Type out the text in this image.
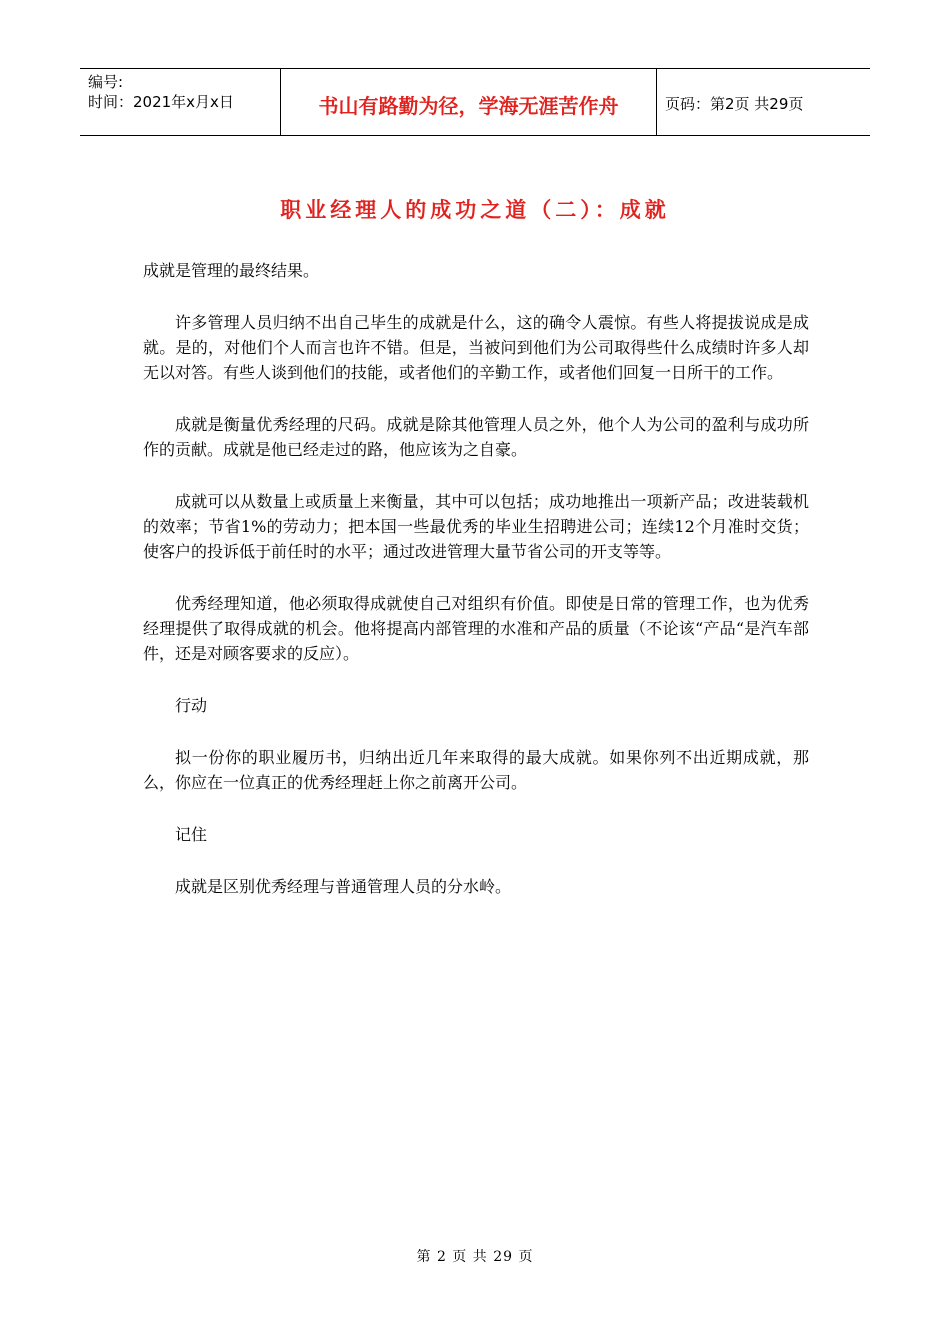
编号:
时间：2021年x月x日	书山有路勤为径，学海无涯苦作舟	页码：第2页 共29页
职业经理人的成功之道（二）：成就

成就是管理的最终结果。

许多管理人员归纳不出自己毕生的成就是什么，这的确令人震惊。有些人将提拔说成是成就。是的，对他们个人而言也许不错。但是，当被问到他们为公司取得些什么成绩时许多人却无以对答。有些人谈到他们的技能，或者他们的辛勤工作，或者他们回复一日所干的工作。

成就是衡量优秀经理的尺码。成就是除其他管理人员之外，他个人为公司的盈利与成功所作的贡献。成就是他已经走过的路，他应该为之自豪。

成就可以从数量上或质量上来衡量，其中可以包括；成功地推出一项新产品；改进装载机的效率；节省1%的劳动力；把本国一些最优秀的毕业生招聘进公司；连续12个月准时交货；使客户的投诉低于前任时的水平；通过改进管理大量节省公司的开支等等。

优秀经理知道，他必须取得成就使自己对组织有价值。即使是日常的管理工作，也为优秀经理提供了取得成就的机会。他将提高内部管理的水准和产品的质量（不论该“产品“是汽车部件，还是对顾客要求的反应）。

行动

拟一份你的职业履历书，归纳出近几年来取得的最大成就。如果你列不出近期成就，那么，你应在一位真正的优秀经理赶上你之前离开公司。

记住

成就是区别优秀经理与普通管理人员的分水岭。

第 2 页 共 29 页
